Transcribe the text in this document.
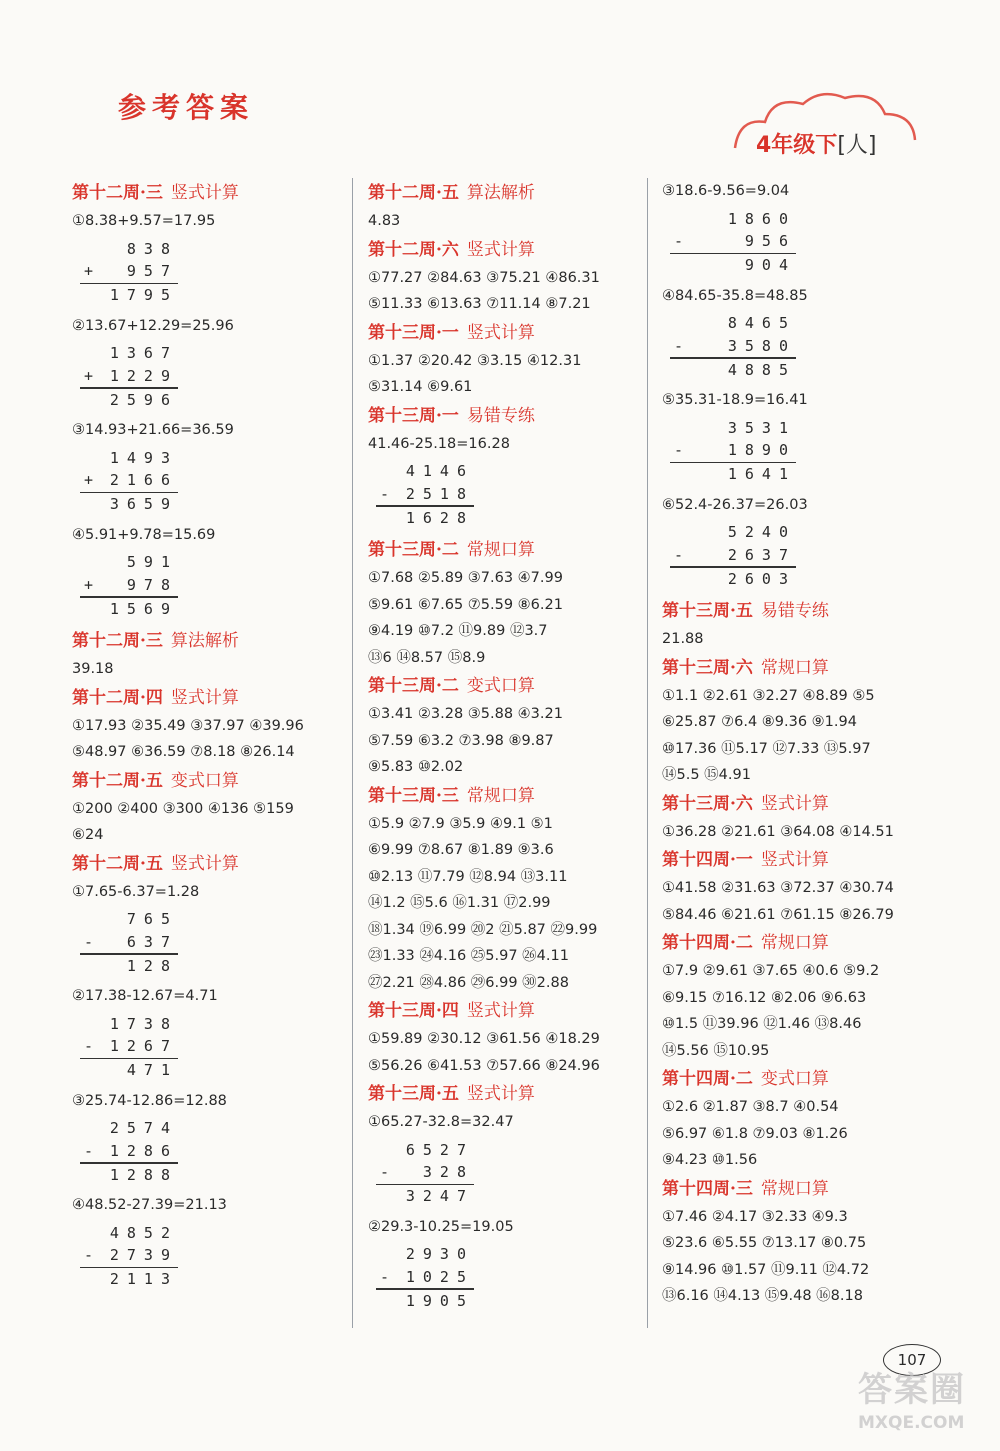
参考答案
4年级下[人]
第十二周·三 竖式计算
①8.38+9.57=17.95
838
+ 957
1795
②13.67+12.29=25.96
1367
+ 1229
2596
③14.93+21.66=36.59
1493
+ 2166
3659
④5.91+9.78=15.69
591
+ 978
1569
第十二周·三 算法解析
39.18
第十二周·四 竖式计算
①17.93 ②35.49 ③37.97 ④39.96
⑤48.97 ⑥36.59 ⑦8.18 ⑧26.14
第十二周·五 变式口算
①200 ②400 ③300 ④136 ⑤159
⑥24
第十二周·五 竖式计算
①7.65-6.37=1.28
765
- 637
128
②17.38-12.67=4.71
1738
- 1267
471
③25.74-12.86=12.88
2574
- 1286
1288
④48.52-27.39=21.13
4852
- 2739
2113
第十二周·五 算法解析
4.83
第十二周·六 竖式计算
①77.27 ②84.63 ③75.21 ④86.31
⑤11.33 ⑥13.63 ⑦11.14 ⑧7.21
第十三周·一 竖式计算
①1.37 ②20.42 ③3.15 ④12.31
⑤31.14 ⑥9.61
第十三周·一 易错专练
41.46-25.18=16.28
4146
- 2518
1628
第十三周·二 常规口算
①7.68 ②5.89 ③7.63 ④7.99
⑤9.61 ⑥7.65 ⑦5.59 ⑧6.21
⑨4.19 ⑩7.2 ⑪9.89 ⑫3.7
⑬6 ⑭8.57 ⑮8.9
第十三周·二 变式口算
①3.41 ②3.28 ③5.88 ④3.21
⑤7.59 ⑥3.2 ⑦3.98 ⑧9.87
⑨5.83 ⑩2.02
第十三周·三 常规口算
①5.9 ②7.9 ③5.9 ④9.1 ⑤1
⑥9.99 ⑦8.67 ⑧1.89 ⑨3.6
⑩2.13 ⑪7.79 ⑫8.94 ⑬3.11
⑭1.2 ⑮5.6 ⑯1.31 ⑰2.99
⑱1.34 ⑲6.99 ⑳2 ㉑5.87 ㉒9.99
㉓1.33 ㉔4.16 ㉕5.97 ㉖4.11
㉗2.21 ㉘4.86 ㉙6.99 ㉚2.88
第十三周·四 竖式计算
①59.89 ②30.12 ③61.56 ④18.29
⑤56.26 ⑥41.53 ⑦57.66 ⑧24.96
第十三周·五 竖式计算
①65.27-32.8=32.47
6527
- 328
3247
②29.3-10.25=19.05
2930
- 1025
1905
③18.6-9.56=9.04
1860
-	956
904
④84.65-35.8=48.85
8465
-	3580
4885
⑤35.31-18.9=16.41
3531
-	1890
1641
⑥52.4-26.37=26.03
5240
-	2637
2603
第十三周·五 易错专练
21.88
第十三周·六 常规口算
①1.1 ②2.61 ③2.27 ④8.89 ⑤5
⑥25.87 ⑦6.4 ⑧9.36 ⑨1.94
⑩17.36 ⑪5.17 ⑫7.33 ⑬5.97
⑭5.5 ⑮4.91
第十三周·六 竖式计算
①36.28 ②21.61 ③64.08 ④14.51
第十四周·一 竖式计算
①41.58 ②31.63 ③72.37 ④30.74
⑤84.46 ⑥21.61 ⑦61.15 ⑧26.79
第十四周·二 常规口算
①7.9 ②9.61 ③7.65 ④0.6 ⑤9.2
⑥9.15 ⑦16.12 ⑧2.06 ⑨6.63
⑩1.5 ⑪39.96 ⑫1.46 ⑬8.46
⑭5.56 ⑮10.95
第十四周·二 变式口算
①2.6 ②1.87 ③8.7 ④0.54
⑤6.97 ⑥1.8 ⑦9.03 ⑧1.26
⑨4.23 ⑩1.56
第十四周·三 常规口算
①7.46 ②4.17 ③2.33 ④9.3
⑤23.6 ⑥5.55 ⑦13.17 ⑧0.75
⑨14.96 ⑩1.57 ⑪9.11 ⑫4.72
⑬6.16 ⑭4.13 ⑮9.48 ⑯8.18
107
答案圈
MXQE.COM
